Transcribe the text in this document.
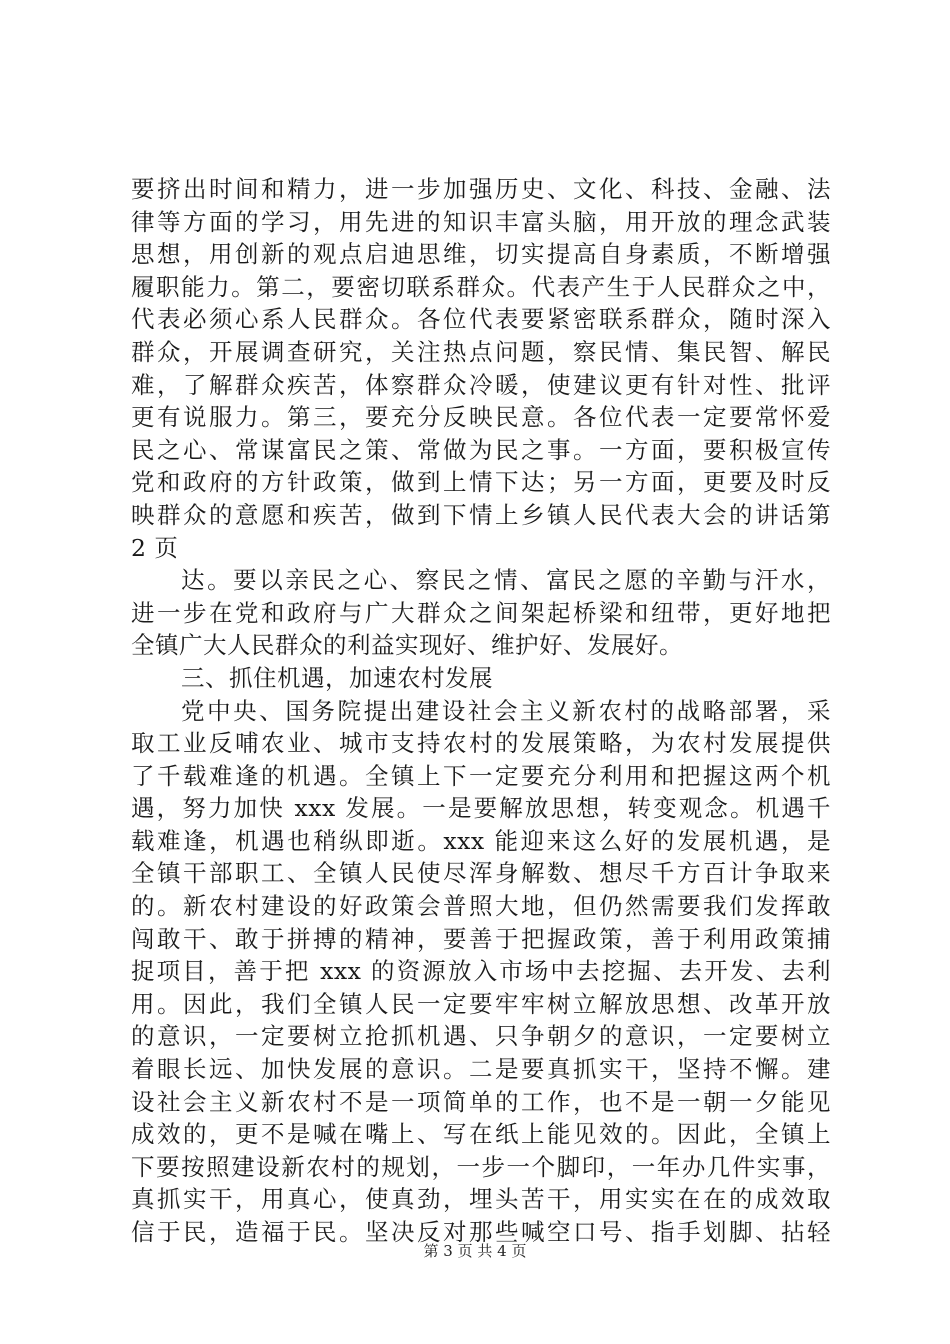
要挤出时间和精力，进一步加强历史、文化、科技、金融、法
律等方面的学习，用先进的知识丰富头脑，用开放的理念武装
思想，用创新的观点启迪思维，切实提高自身素质，不断增强
履职能力。第二，要密切联系群众。代表产生于人民群众之中，
代表必须心系人民群众。各位代表要紧密联系群众，随时深入
群众，开展调查研究，关注热点问题，察民情、集民智、解民
难，了解群众疾苦，体察群众冷暖，使建议更有针对性、批评
更有说服力。第三，要充分反映民意。各位代表一定要常怀爱
民之心、常谋富民之策、常做为民之事。一方面，要积极宣传
党和政府的方针政策，做到上情下达；另一方面，更要及时反
映群众的意愿和疾苦，做到下情上乡镇人民代表大会的讲话第
2 页
达。要以亲民之心、察民之情、富民之愿的辛勤与汗水，
进一步在党和政府与广大群众之间架起桥梁和纽带，更好地把
全镇广大人民群众的利益实现好、维护好、发展好。
三、抓住机遇，加速农村发展
党中央、国务院提出建设社会主义新农村的战略部署，采
取工业反哺农业、城市支持农村的发展策略，为农村发展提供
了千载难逢的机遇。全镇上下一定要充分利用和把握这两个机
遇，努力加快 xxx 发展。一是要解放思想，转变观念。机遇千
载难逢，机遇也稍纵即逝。xxx 能迎来这么好的发展机遇，是
全镇干部职工、全镇人民使尽浑身解数、想尽千方百计争取来
的。新农村建设的好政策会普照大地，但仍然需要我们发挥敢
闯敢干、敢于拼搏的精神，要善于把握政策，善于利用政策捕
捉项目，善于把 xxx 的资源放入市场中去挖掘、去开发、去利
用。因此，我们全镇人民一定要牢牢树立解放思想、改革开放
的意识，一定要树立抢抓机遇、只争朝夕的意识，一定要树立
着眼长远、加快发展的意识。二是要真抓实干，坚持不懈。建
设社会主义新农村不是一项简单的工作，也不是一朝一夕能见
成效的，更不是喊在嘴上、写在纸上能见效的。因此，全镇上
下要按照建设新农村的规划，一步一个脚印，一年办几件实事，
真抓实干，用真心，使真劲，埋头苦干，用实实在在的成效取
信于民，造福于民。坚决反对那些喊空口号、指手划脚、拈轻
第 3 页 共 4 页
